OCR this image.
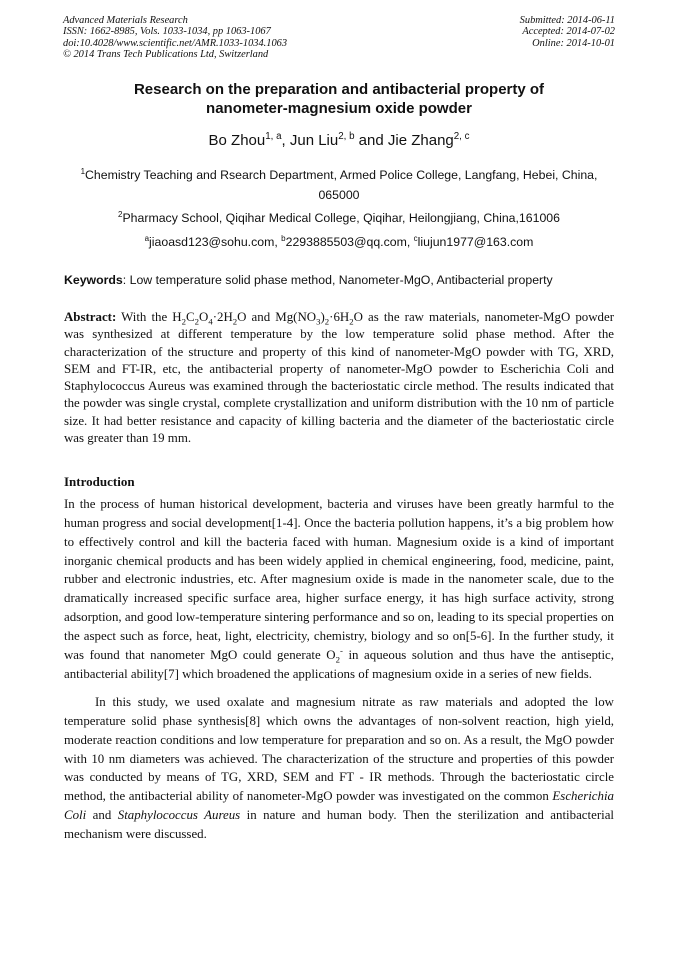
Advanced Materials Research
ISSN: 1662-8985, Vols. 1033-1034, pp 1063-1067
doi:10.4028/www.scientific.net/AMR.1033-1034.1063
© 2014 Trans Tech Publications Ltd, Switzerland
Submitted: 2014-06-11
Accepted: 2014-07-02
Online: 2014-10-01
Research on the preparation and antibacterial property of
nanometer-magnesium oxide powder
Bo Zhou$^{1, a}$, Jun Liu$^{2, b}$ and Jie Zhang$^{2, c}$
$^1$Chemistry Teaching and Rsearch Department, Armed Police College, Langfang, Hebei, China,
065000
$^2$Pharmacy School, Qiqihar Medical College, Qiqihar, Heilongjiang, China,161006
$^a$jiaoasd123@sohu.com, $^b$2293885503@qq.com, $^c$liujun1977@163.com
Keywords: Low temperature solid phase method, Nanometer-MgO, Antibacterial property
Abstract: With the $H_2C_2O_4\cdot 2H_2O$ and $Mg(NO_3)_2\cdot 6H_2O$ as the raw materials, nanometer-MgO powder was synthesized at different temperature by the low temperature solid phase method. After the characterization of the structure and property of this kind of nanometer-MgO powder with TG, XRD, SEM and FT-IR, etc, the antibacterial property of nanometer-MgO powder to Escherichia Coli and Staphylococcus Aureus was examined through the bacteriostatic circle method. The results indicated that the powder was single crystal, complete crystallization and uniform distribution with the 10 nm of particle size. It had better resistance and capacity of killing bacteria and the diameter of the bacteriostatic circle was greater than 19 mm.
Introduction
In the process of human historical development, bacteria and viruses have been greatly harmful to the human progress and social development[1-4]. Once the bacteria pollution happens, it’s a big problem how to effectively control and kill the bacteria faced with human. Magnesium oxide is a kind of important inorganic chemical products and has been widely applied in chemical engineering, food, medicine, paint, rubber and electronic industries, etc. After magnesium oxide is made in the nanometer scale, due to the dramatically increased specific surface area, higher surface energy, it has high surface activity, strong adsorption, and good low-temperature sintering performance and so on, leading to its special properties on the aspect such as force, heat, light, electricity, chemistry, biology and so on[5-6]. In the further study, it was found that nanometer MgO could generate $O_2^-$ in aqueous solution and thus have the antiseptic, antibacterial ability[7] which broadened the applications of magnesium oxide in a series of new fields.
In this study, we used oxalate and magnesium nitrate as raw materials and adopted the low temperature solid phase synthesis[8] which owns the advantages of non-solvent reaction, high yield, moderate reaction conditions and low temperature for preparation and so on. As a result, the MgO powder with 10 nm diameters was achieved. The characterization of the structure and properties of this powder was conducted by means of TG, XRD, SEM and FT - IR methods. Through the bacteriostatic circle method, the antibacterial ability of nanometer-MgO powder was investigated on the common Escherichia Coli and Staphylococcus Aureus in nature and human body. Then the sterilization and antibacterial mechanism were discussed.
